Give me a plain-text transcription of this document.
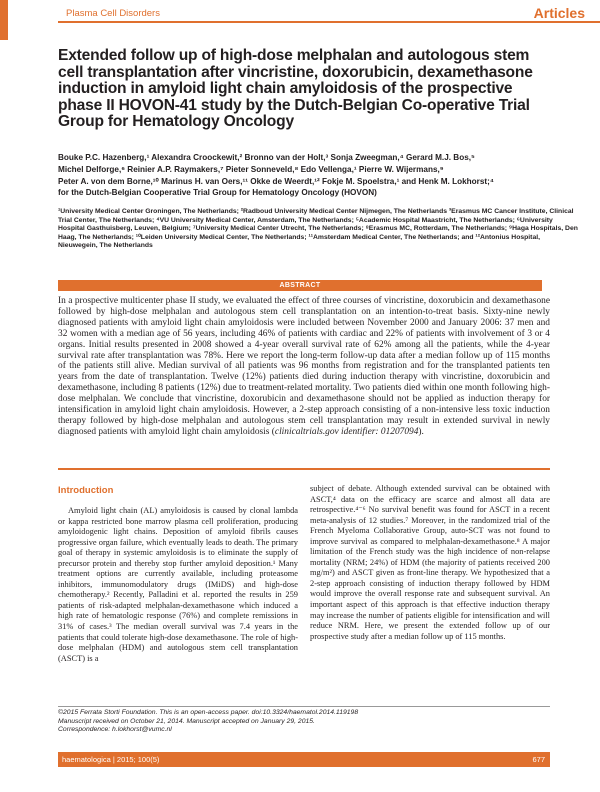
Plasma Cell Disorders	Articles
Extended follow up of high-dose melphalan and autologous stem cell transplantation after vincristine, doxorubicin, dexamethasone induction in amyloid light chain amyloidosis of the prospective phase II HOVON-41 study by the Dutch-Belgian Co-operative Trial Group for Hematology Oncology
Bouke P.C. Hazenberg,¹ Alexandra Croockewit,² Bronno van der Holt,³ Sonja Zweegman,⁴ Gerard M.J. Bos,⁵
Michel Delforge,⁶ Reinier A.P. Raymakers,⁷ Pieter Sonneveld,⁸ Edo Vellenga,¹ Pierre W. Wijermans,⁹
Peter A. von dem Borne,¹⁰ Marinus H. van Oers,¹¹ Okke de Weerdt,¹² Fokje M. Spoelstra,¹ and Henk M. Lokhorst;⁴
for the Dutch-Belgian Cooperative Trial Group for Hematology Oncology (HOVON)
¹University Medical Center Groningen, The Netherlands; ²Radboud University Medical Center Nijmegen, The Netherlands ³Erasmus MC Cancer Institute, Clinical Trial Center, The Netherlands; ⁴VU University Medical Center, Amsterdam, The Netherlands; ⁵Academic Hospital Maastricht, The Netherlands; ⁶University Hospital Gasthuisberg, Leuven, Belgium; ⁷University Medical Center Utrecht, The Netherlands; ⁸Erasmus MC, Rotterdam, The Netherlands; ⁹Haga Hospitals, Den Haag, The Netherlands; ¹⁰Leiden University Medical Center, The Netherlands; ¹¹Amsterdam Medical Center, The Netherlands; and ¹²Antonius Hospital, Nieuwegein, The Netherlands
ABSTRACT

In a prospective multicenter phase II study, we evaluated the effect of three courses of vincristine, doxorubicin and dexamethasone followed by high-dose melphalan and autologous stem cell transplantation on an intention-to-treat basis. Sixty-nine newly diagnosed patients with amyloid light chain amyloidosis were included between November 2000 and January 2006: 37 men and 32 women with a median age of 56 years, including 46% of patients with cardiac and 22% of patients with involvement of 3 or 4 organs. Initial results presented in 2008 showed a 4-year overall survival rate of 62% among all the patients, while the 4-year survival rate after transplantation was 78%. Here we report the long-term follow-up data after a median follow up of 115 months of the patients still alive. Median survival of all patients was 96 months from registration and for the transplanted patients ten years from the date of transplantation. Twelve (12%) patients died during induction therapy with vincristine, doxorubicin and dexamethasone, including 8 patients (12%) due to treatment-related mortality. Two patients died within one month following high-dose melphalan. We conclude that vincristine, doxorubicin and dexamethasone should not be applied as induction therapy for intensification in amyloid light chain amyloidosis. However, a 2-step approach consisting of a non-intensive less toxic induction therapy followed by high-dose melphalan and autologous stem cell transplantation may result in extended survival in newly diagnosed patients with amyloid light chain amyloidosis (clinicaltrials.gov identifier: 01207094).

Introduction

Amyloid light chain (AL) amyloidosis is caused by clonal lambda or kappa restricted bone marrow plasma cell proliferation, producing amyloidogenic light chains. Deposition of amyloid fibrils causes progressive organ failure, which eventually leads to death. The primary goal of therapy in systemic amyloidosis is to eliminate the supply of precursor protein and thereby stop further amyloid deposition.¹ Many treatment options are currently available, including proteasome inhibitors, immunomodulatory drugs (IMiDS) and high-dose chemotherapy.² Recently, Palladini et al. reported the results in 259 patients of risk-adapted melphalan-dexamethasone which induced a high rate of hematologic response (76%) and complete remissions in 31% of cases.³ The median overall survival was 7.4 years in the patients that could tolerate high-dose dexamethasone. The role of high-dose melphalan (HDM) and autologous stem cell transplantation (ASCT) is a

subject of debate. Although extended survival can be obtained with ASCT,⁴ data on the efficacy are scarce and almost all data are retrospective.⁴⁻⁶ No survival benefit was found for ASCT in a recent meta-analysis of 12 studies.⁷ Moreover, in the randomized trial of the French Myeloma Collaborative Group, auto-SCT was not found to improve survival as compared to melphalan-dexamethasone.⁸ A major limitation of the French study was the high incidence of non-relapse mortality (NRM; 24%) of HDM (the majority of patients received 200 mg/m²) and ASCT given as front-line therapy. We hypothesized that a 2-step approach consisting of induction therapy followed by HDM would improve the overall response rate and subsequent survival. An important aspect of this approach is that effective induction therapy may increase the number of patients eligible for intensification and will reduce NRM. Here, we present the extended follow up of our prospective study after a median follow up of 115 months.

©2015 Ferrata Storti Foundation. This is an open-access paper. doi:10.3324/haematol.2014.119198
Manuscript received on October 21, 2014. Manuscript accepted on January 29, 2015.
Correspondence: h.lokhorst@vumc.nl
haematologica | 2015; 100(5)	677
